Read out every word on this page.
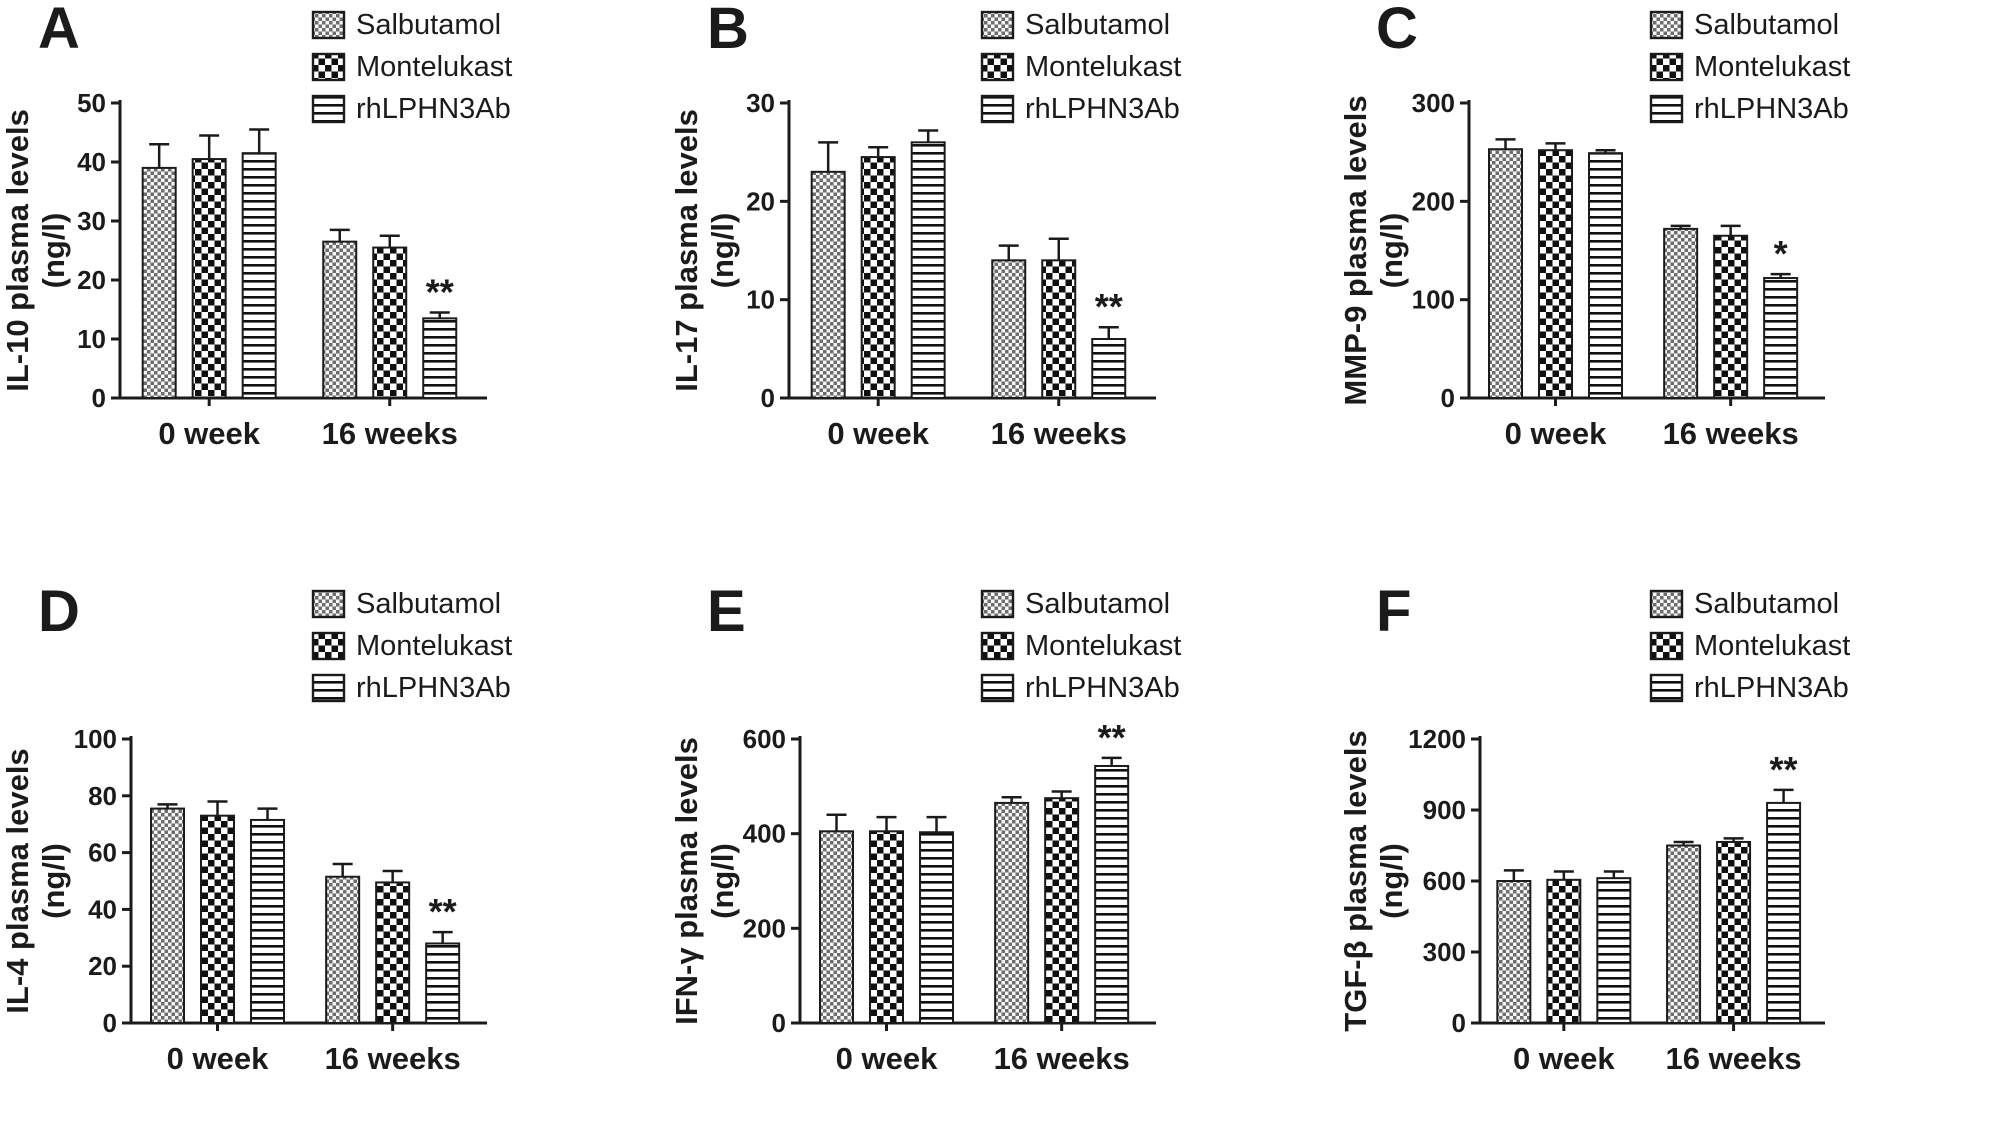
0
10
20
30
40
50
0 week 16 weeks
**
A	Salbutamol
Montelukast
rhLPHN3Ab
IL-10 plasma levels (ng/l)
0
10
20
30
0 week 16 weeks
**
B	Salbutamol
Montelukast
rhLPHN3Ab
IL-17 plasma levels (ng/l)
0
100
200
300
0 week 16 weeks
*
C	Salbutamol
Montelukast
rhLPHN3Ab
MMP-9 plasma levels (ng/l)
0
20
40
60
80
100
0 week 16 weeks
**
D	Salbutamol
Montelukast
rhLPHN3Ab
IL-4 plasma levels (ng/l)
0
200
400
600
0 week 16 weeks
**
E	Salbutamol
Montelukast
rhLPHN3Ab
IFN-γ plasma levels (ng/l)
0
300
600
900
1200
0 week 16 weeks
**
F	Salbutamol
Montelukast
rhLPHN3Ab
TGF-β plasma levels (ng/l)
